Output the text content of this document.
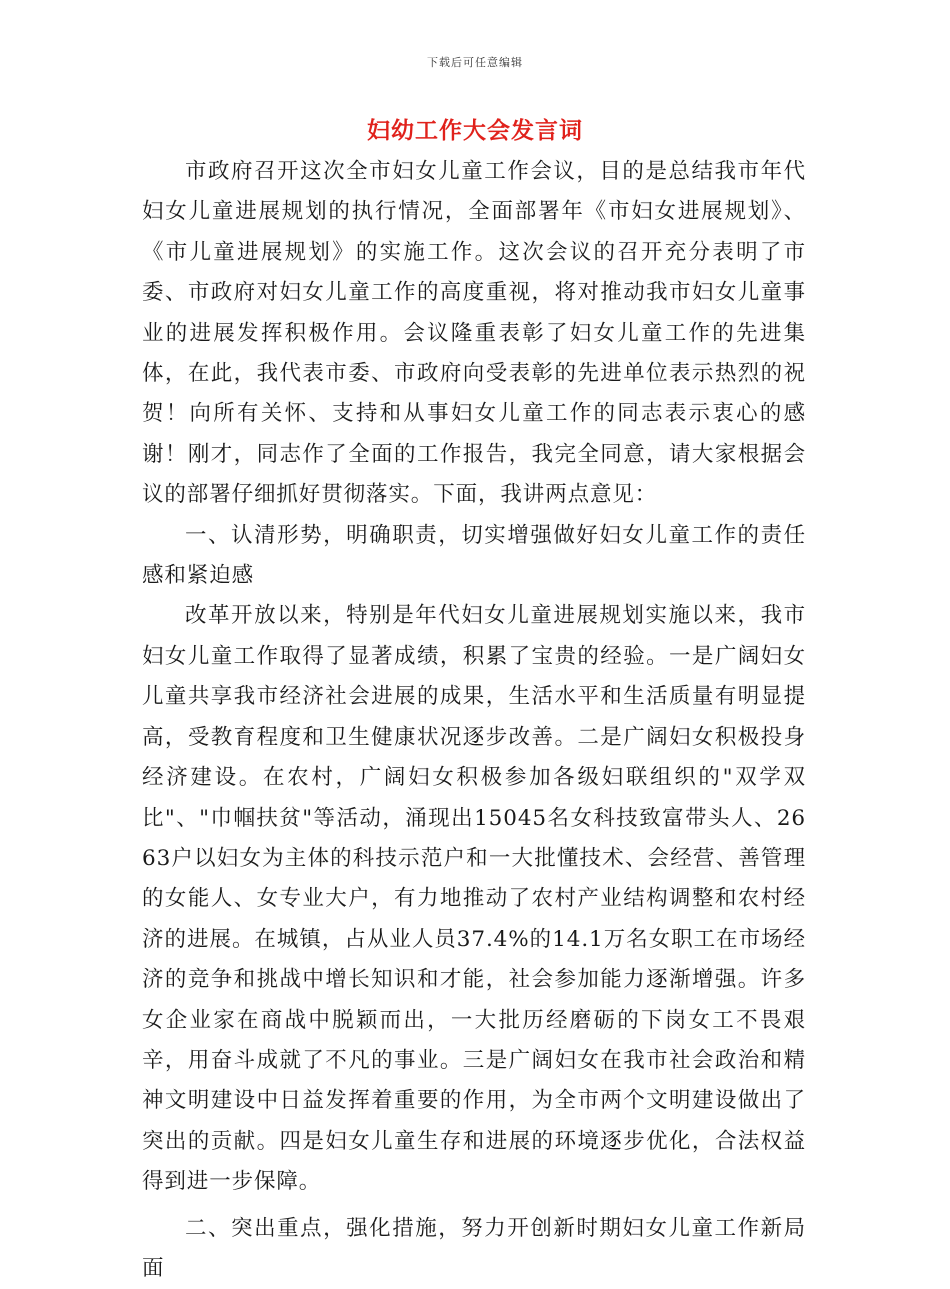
下载后可任意编辑
妇幼工作大会发言词

市政府召开这次全市妇女儿童工作会议，目的是总结我市年代妇女儿童进展规划的执行情况，全面部署年《市妇女进展规划》、《市儿童进展规划》的实施工作。这次会议的召开充分表明了市委、市政府对妇女儿童工作的高度重视，将对推动我市妇女儿童事业的进展发挥积极作用。会议隆重表彰了妇女儿童工作的先进集体，在此，我代表市委、市政府向受表彰的先进单位表示热烈的祝贺！向所有关怀、支持和从事妇女儿童工作的同志表示衷心的感谢！刚才，同志作了全面的工作报告，我完全同意，请大家根据会议的部署仔细抓好贯彻落实。下面，我讲两点意见：

一、认清形势，明确职责，切实增强做好妇女儿童工作的责任感和紧迫感

改革开放以来，特别是年代妇女儿童进展规划实施以来，我市妇女儿童工作取得了显著成绩，积累了宝贵的经验。一是广阔妇女儿童共享我市经济社会进展的成果，生活水平和生活质量有明显提高，受教育程度和卫生健康状况逐步改善。二是广阔妇女积极投身经济建设。在农村，广阔妇女积极参加各级妇联组织的"双学双比"、"巾帼扶贫"等活动，涌现出15045名女科技致富带头人、2663户以妇女为主体的科技示范户和一大批懂技术、会经营、善管理的女能人、女专业大户，有力地推动了农村产业结构调整和农村经济的进展。在城镇，占从业人员37.4%的14.1万名女职工在市场经济的竞争和挑战中增长知识和才能，社会参加能力逐渐增强。许多女企业家在商战中脱颖而出，一大批历经磨砺的下岗女工不畏艰辛，用奋斗成就了不凡的事业。三是广阔妇女在我市社会政治和精神文明建设中日益发挥着重要的作用，为全市两个文明建设做出了突出的贡献。四是妇女儿童生存和进展的环境逐步优化，合法权益得到进一步保障。

二、突出重点，强化措施，努力开创新时期妇女儿童工作新局面
